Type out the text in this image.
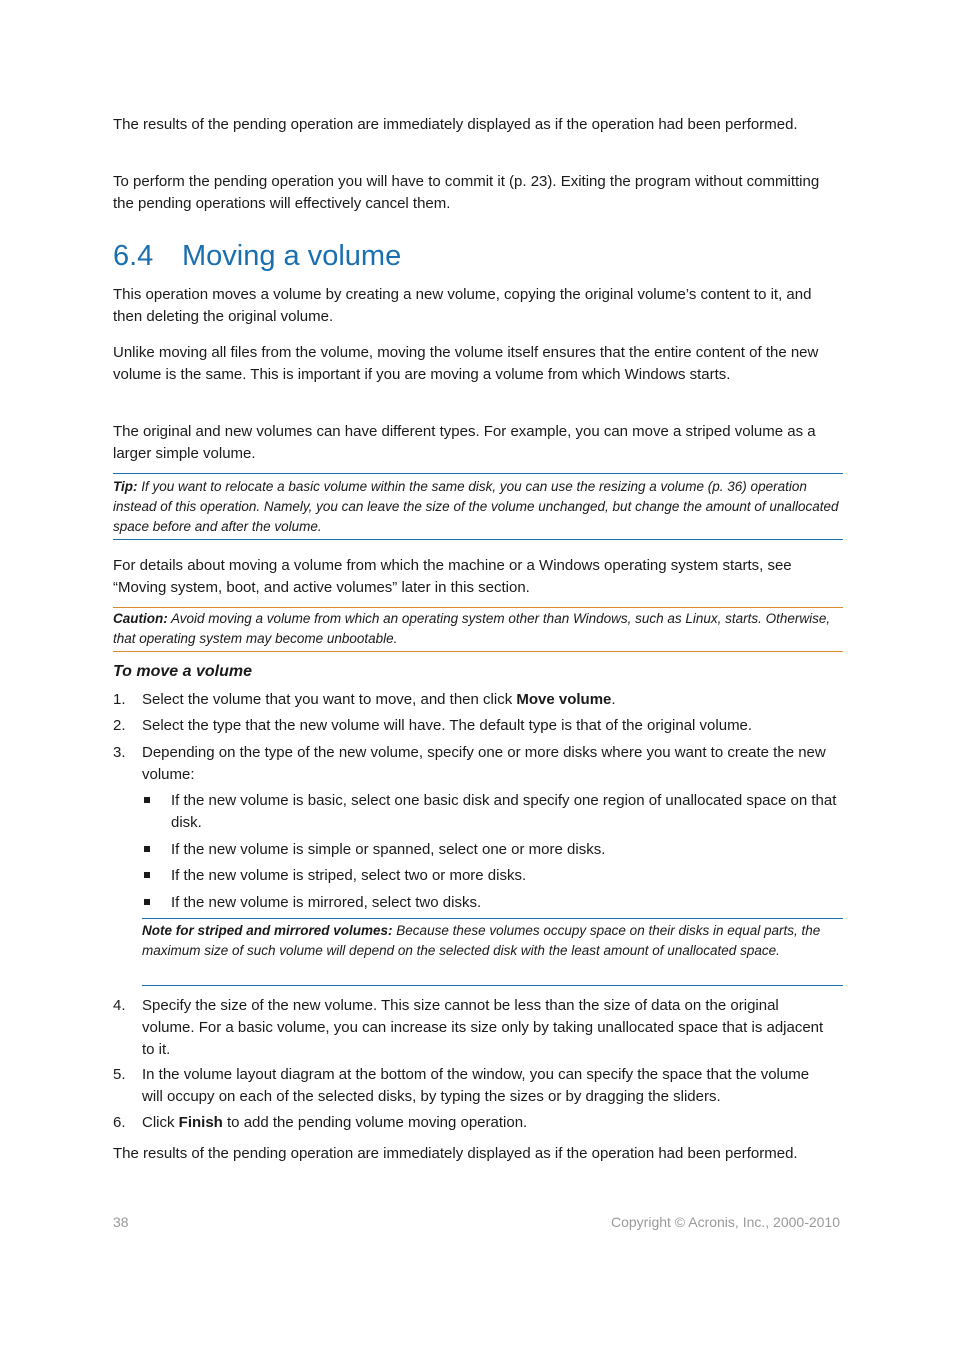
The results of the pending operation are immediately displayed as if the operation had been performed.

To perform the pending operation you will have to commit it (p. 23). Exiting the program without committing the pending operations will effectively cancel them.

6.4 Moving a volume

This operation moves a volume by creating a new volume, copying the original volume’s content to it, and then deleting the original volume.

Unlike moving all files from the volume, moving the volume itself ensures that the entire content of the new volume is the same. This is important if you are moving a volume from which Windows starts.

The original and new volumes can have different types. For example, you can move a striped volume as a larger simple volume.

Tip: If you want to relocate a basic volume within the same disk, you can use the resizing a volume (p. 36) operation instead of this operation. Namely, you can leave the size of the volume unchanged, but change the amount of unallocated space before and after the volume.

For details about moving a volume from which the machine or a Windows operating system starts, see “Moving system, boot, and active volumes” later in this section.

Caution: Avoid moving a volume from which an operating system other than Windows, such as Linux, starts. Otherwise, that operating system may become unbootable.
To move a volume
1.	Select the volume that you want to move, and then click Move volume.
2.	Select the type that the new volume will have. The default type is that of the original volume.
3.	Depending on the type of the new volume, specify one or more disks where you want to create the new volume:
If the new volume is basic, select one basic disk and specify one region of unallocated space on that disk.
If the new volume is simple or spanned, select one or more disks.
If the new volume is striped, select two or more disks.
If the new volume is mirrored, select two disks.
Note for striped and mirrored volumes: Because these volumes occupy space on their disks in equal parts, the maximum size of such volume will depend on the selected disk with the least amount of unallocated space.
4.	Specify the size of the new volume. This size cannot be less than the size of data on the original volume. For a basic volume, you can increase its size only by taking unallocated space that is adjacent to it.
5.	In the volume layout diagram at the bottom of the window, you can specify the space that the volume will occupy on each of the selected disks, by typing the sizes or by dragging the sliders.
6.	Click Finish to add the pending volume moving operation.

The results of the pending operation are immediately displayed as if the operation had been performed.

38	Copyright © Acronis, Inc., 2000-2010
